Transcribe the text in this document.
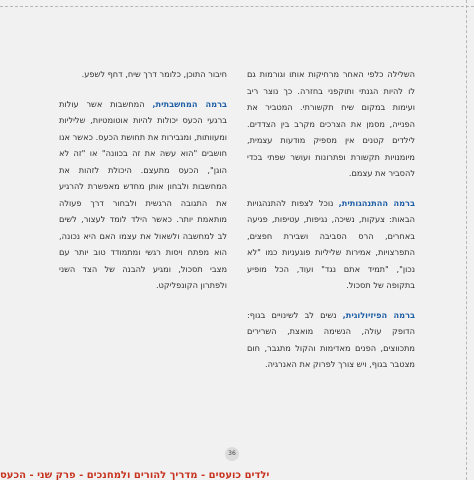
השלילה כלפי האחר מרחיקות אותו וגורמות גם לו להיות הגנתי ותוקפני בחזרה. כך נוצר ריב ועימות במקום שיח תקשורתי. המטביר את הפנייה, מסמן את הצרכים מקרב בין הצדדים. לילדים קטנים אין מספיק מודעות עצמית, מיומנויות תקשורת ופתרונות ועושר שפתי בכדי להסביר את עצמם.

ברמה ההתנהגותית, נוכל לצפות להתנהגויות הבאות: צעקות, נשיכה, נגיפות, עטיפות, פגיעה באחרים, הרס הסביבה ושבירת חפצים, התפרצויות, אמירות שליליות פוגעניות כמו "לא נכון", "תמיד אתם נגד" ועוד, הכל מופיע בתקופה של תסכול.

ברמה הפיזיולוגית, נשים לב לשינויים בגוף: הדופק עולה, הנשימה מואצת, השרירים מתכווצים, הפנים מאדימות והקול מתגבר, חום מצטבר בגוף, ויש צורך לפרוק את האנרגיה.

חיבור התוכן, כלומר דרך שיח, דחף לשפע.

ברמה המחשבתית, המחשבות אשר עולות ברגעי הכעס יכולות להיות אוטומטיות, שליליות ומעוותות, ומגבירות את תחושת הכעס. כאשר אנו חושבים "הוא עשה את זה בכוונה" או "זה לא הוגן", הכעס מתעצם. היכולת לזהות את המחשבות ולבחון אותן מחדש מאפשרת להרגיע את התגובה הרגשית ולבחור דרך פעולה מותאמת יותר. כאשר הילד לומד לעצור, לשים לב למחשבה ולשאול את עצמו האם היא נכונה, הוא מפתח ויסות רגשי ומתמודד טוב יותר עם מצבי תסכול, ומגיע להבנה של הצד השני ולפתרון הקונפליקט.

36
ילדים כועסים - מדריך להורים ולמחנכים - פרק שני - הכעס
